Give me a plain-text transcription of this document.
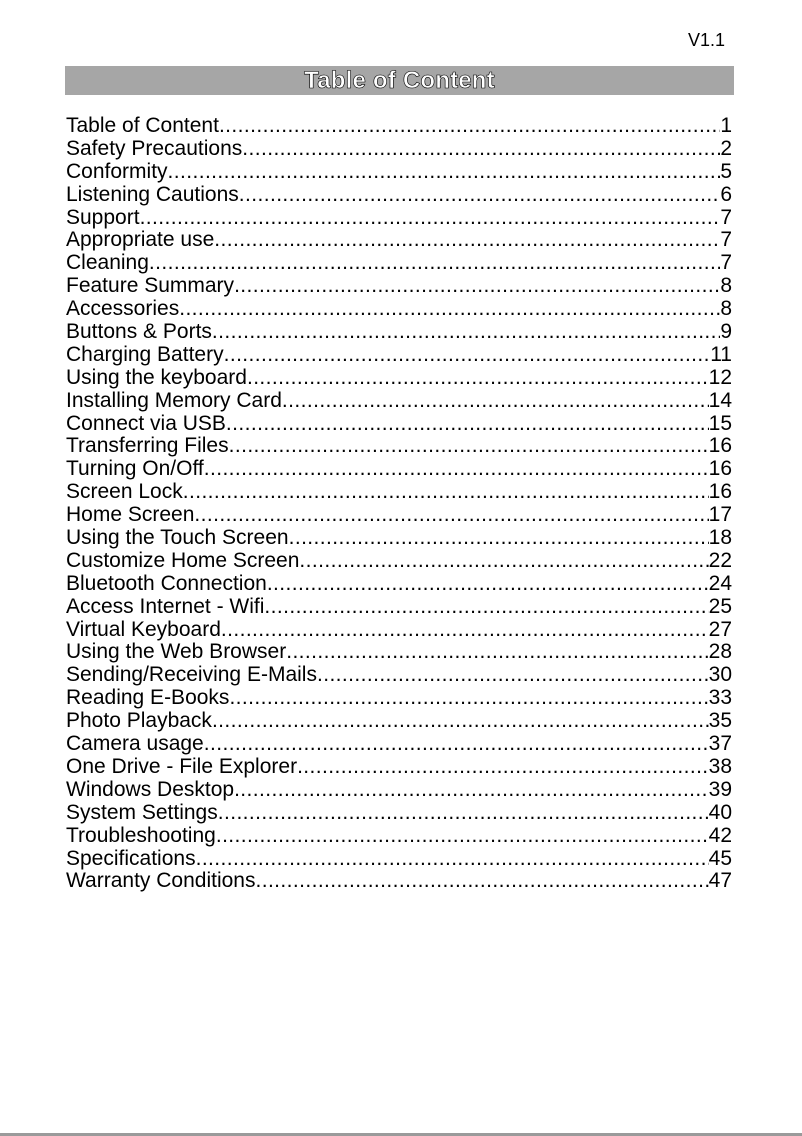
V1.1
Table of Content
Table of Content .....	1
Safety Precautions .....	2
Conformity .....	5
Listening Cautions .....	6
Support .....	7
Appropriate use .....	7
Cleaning .....	7
Feature Summary .....	8
Accessories .....	8
Buttons & Ports .....	9
Charging Battery .....	11
Using the keyboard .....	12
Installing Memory Card .....	14
Connect via USB .....	15
Transferring Files .....	16
Turning On/Off .....	16
Screen Lock .....	16
Home Screen .....	17
Using the Touch Screen .....	18
Customize Home Screen .....	22
Bluetooth Connection .....	24
Access Internet - Wifi .....	25
Virtual Keyboard .....	27
Using the Web Browser .....	28
Sending/Receiving E-Mails .....	30
Reading E-Books .....	33
Photo Playback .....	35
Camera usage .....	37
One Drive - File Explorer .....	38
Windows Desktop .....	39
System Settings .....	40
Troubleshooting .....	42
Specifications .....	45
Warranty Conditions .....	47
